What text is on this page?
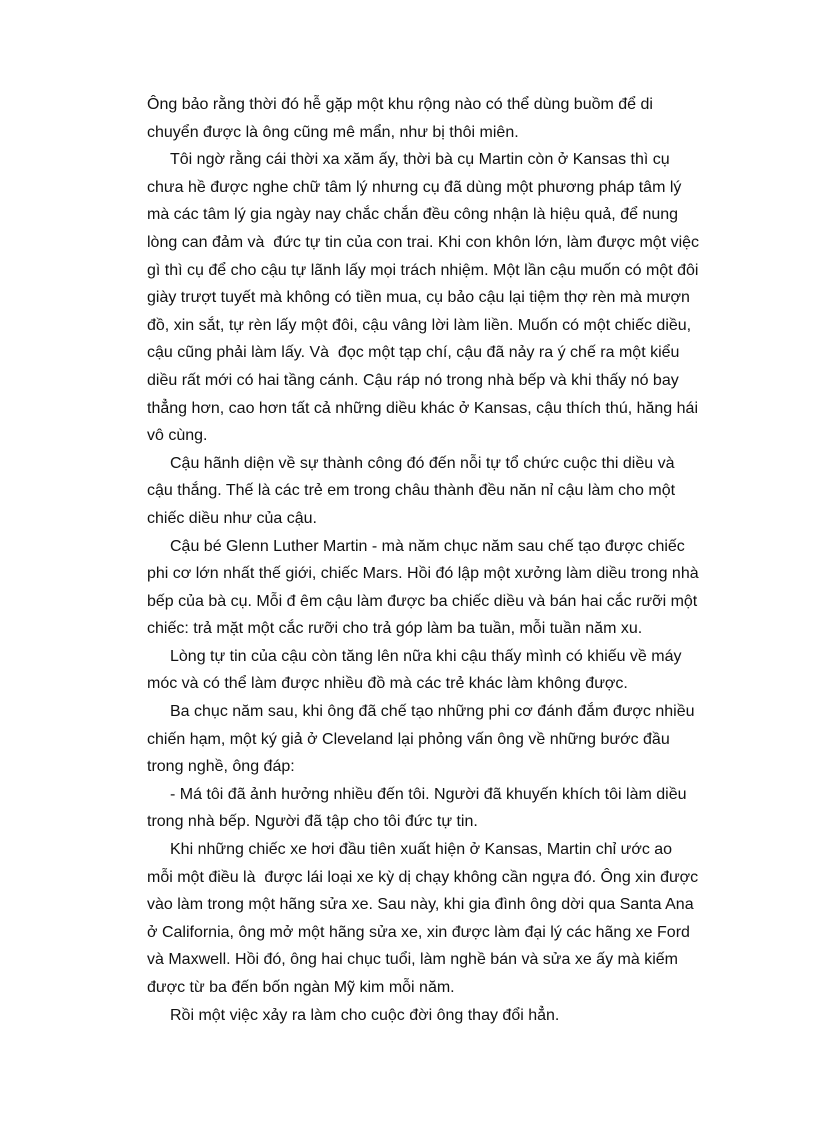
Ông bảo rằng thời đó hễ gặp một khu rộng nào có thể dùng buồm để di
chuyển được là ông cũng mê mẩn, như bị thôi miên.
Tôi ngờ rằng cái thời xa xăm ấy, thời bà cụ Martin còn ở Kansas thì cụ
chưa hề được nghe chữ tâm lý nhưng cụ đã dùng một phương pháp tâm lý
mà các tâm lý gia ngày nay chắc chắn đều công nhận là hiệu quả, để nung
lòng can đảm và  đức tự tin của con trai. Khi con khôn lớn, làm được một việc
gì thì cụ để cho cậu tự lãnh lấy mọi trách nhiệm. Một lần cậu muốn có một đôi
giày trượt tuyết mà không có tiền mua, cụ bảo cậu lại tiệm thợ rèn mà mượn
đồ, xin sắt, tự rèn lấy một đôi, cậu vâng lời làm liền. Muốn có một chiếc diều,
cậu cũng phải làm lấy. Và  đọc một tạp chí, cậu đã nảy ra ý chế ra một kiểu
diều rất mới có hai tầng cánh. Cậu ráp nó trong nhà bếp và khi thấy nó bay
thẳng hơn, cao hơn tất cả những diều khác ở Kansas, cậu thích thú, hăng hái
vô cùng.
Cậu hãnh diện về sự thành công đó đến nỗi tự tổ chức cuộc thi diều và
cậu thắng. Thế là các trẻ em trong châu thành đều năn nỉ cậu làm cho một
chiếc diều như của cậu.
Cậu bé Glenn Luther Martin - mà năm chục năm sau chế tạo được chiếc
phi cơ lớn nhất thế giới, chiếc Mars. Hồi đó lập một xưởng làm diều trong nhà
bếp của bà cụ. Mỗi đ êm cậu làm được ba chiếc diều và bán hai cắc rưỡi một
chiếc: trả mặt một cắc rưỡi cho trả góp làm ba tuần, mỗi tuần năm xu.
Lòng tự tin của cậu còn tăng lên nữa khi cậu thấy mình có khiếu về máy
móc và có thể làm được nhiều đồ mà các trẻ khác làm không được.
Ba chục năm sau, khi ông đã chế tạo những phi cơ đánh đắm được nhiều
chiến hạm, một ký giả ở Cleveland lại phỏng vấn ông về những bước đầu
trong nghề, ông đáp:
- Má tôi đã ảnh hưởng nhiều đến tôi. Người đã khuyến khích tôi làm diều
trong nhà bếp. Người đã tập cho tôi đức tự tin.
Khi những chiếc xe hơi đầu tiên xuất hiện ở Kansas, Martin chỉ ước ao
mỗi một điều là  được lái loại xe kỳ dị chạy không cần ngựa đó. Ông xin được
vào làm trong một hãng sửa xe. Sau này, khi gia đình ông dời qua Santa Ana
ở California, ông mở một hãng sửa xe, xin được làm đại lý các hãng xe Ford
và Maxwell. Hồi đó, ông hai chục tuổi, làm nghề bán và sửa xe ấy mà kiếm
được từ ba đến bốn ngàn Mỹ kim mỗi năm.
Rồi một việc xảy ra làm cho cuộc đời ông thay đổi hẳn.
